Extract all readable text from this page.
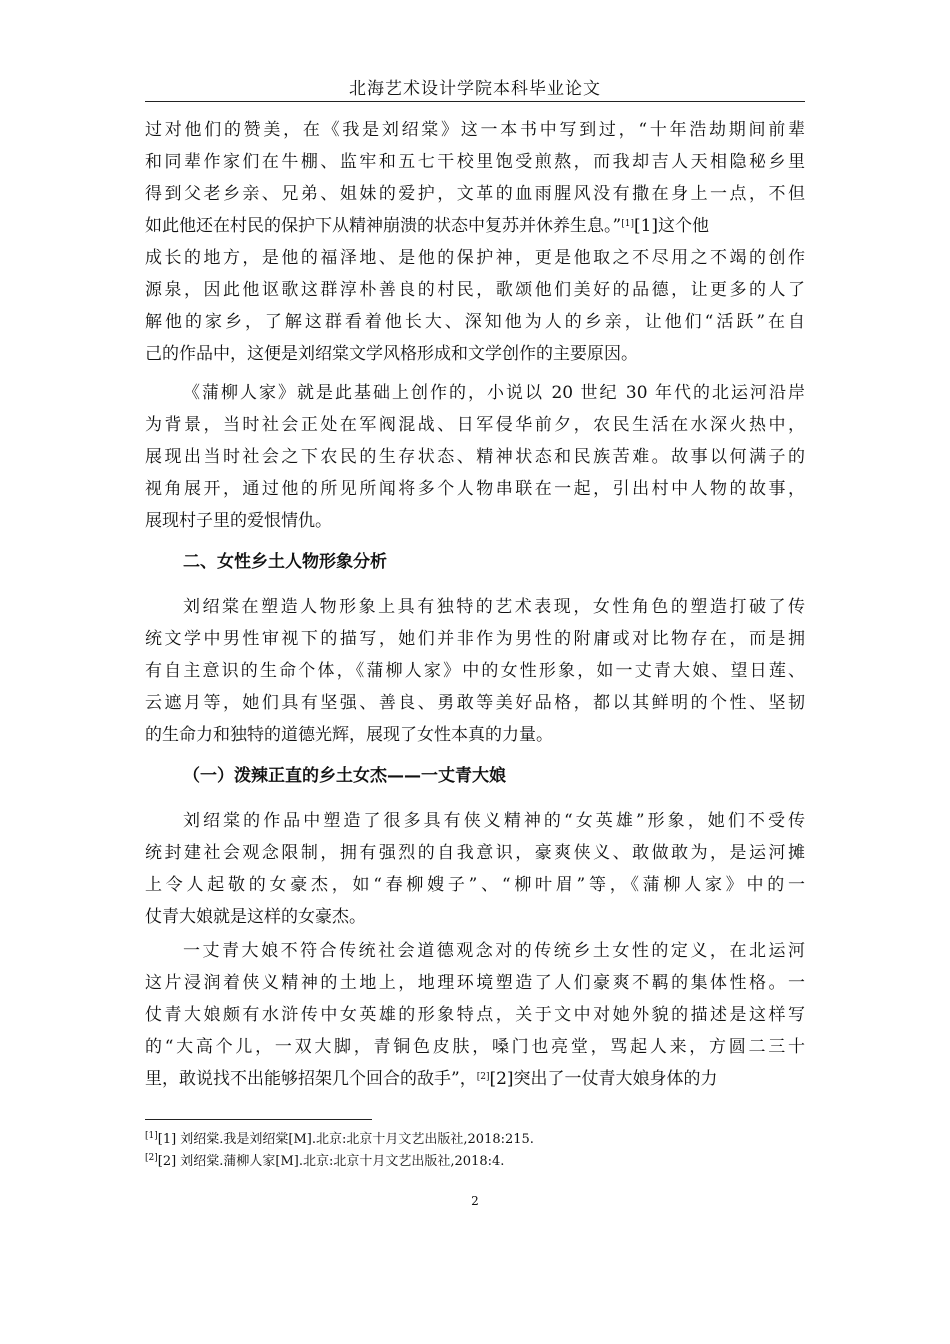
北海艺术设计学院本科毕业论文
过对他们的赞美，在《我是刘绍棠》这一本书中写到过，“十年浩劫期间前辈
和同辈作家们在牛棚、监牢和五七干校里饱受煎熬，而我却吉人天相隐秘乡里
得到父老乡亲、兄弟、姐妹的爱护，文革的血雨腥风没有撒在身上一点，不但
如此他还在村民的保护下从精神崩溃的状态中复苏并休养生息。”[1][1]这个他
成长的地方，是他的福泽地、是他的保护神，更是他取之不尽用之不竭的创作
源泉，因此他讴歌这群淳朴善良的村民，歌颂他们美好的品德，让更多的人了
解他的家乡，了解这群看着他长大、深知他为人的乡亲，让他们“活跃”在自
己的作品中，这便是刘绍棠文学风格形成和文学创作的主要原因。
《蒲柳人家》就是此基础上创作的，小说以 20 世纪 30 年代的北运河沿岸
为背景，当时社会正处在军阀混战、日军侵华前夕，农民生活在水深火热中，
展现出当时社会之下农民的生存状态、精神状态和民族苦难。故事以何满子的
视角展开，通过他的所见所闻将多个人物串联在一起，引出村中人物的故事，
展现村子里的爱恨情仇。
二、女性乡土人物形象分析
刘绍棠在塑造人物形象上具有独特的艺术表现，女性角色的塑造打破了传
统文学中男性审视下的描写，她们并非作为男性的附庸或对比物存在，而是拥
有自主意识的生命个体，《蒲柳人家》中的女性形象，如一丈青大娘、望日莲、
云遮月等，她们具有坚强、善良、勇敢等美好品格，都以其鲜明的个性、坚韧
的生命力和独特的道德光辉，展现了女性本真的力量。
（一）泼辣正直的乡土女杰——一丈青大娘
刘绍棠的作品中塑造了很多具有侠义精神的“女英雄”形象，她们不受传
统封建社会观念限制，拥有强烈的自我意识，豪爽侠义、敢做敢为，是运河摊
上令人起敬的女豪杰，如“春柳嫂子”、“柳叶眉”等，《蒲柳人家》中的一
仗青大娘就是这样的女豪杰。
一丈青大娘不符合传统社会道德观念对的传统乡土女性的定义，在北运河
这片浸润着侠义精神的土地上，地理环境塑造了人们豪爽不羁的集体性格。一
仗青大娘颇有水浒传中女英雄的形象特点，关于文中对她外貌的描述是这样写
的“大高个儿，一双大脚，青铜色皮肤，嗓门也亮堂，骂起人来，方圆二三十
里，敢说找不出能够招架几个回合的敌手”，[2][2]突出了一仗青大娘身体的力
[1][1] 刘绍棠.我是刘绍棠[M].北京:北京十月文艺出版社,2018:215.
[2][2] 刘绍棠.蒲柳人家[M].北京:北京十月文艺出版社,2018:4.
2
